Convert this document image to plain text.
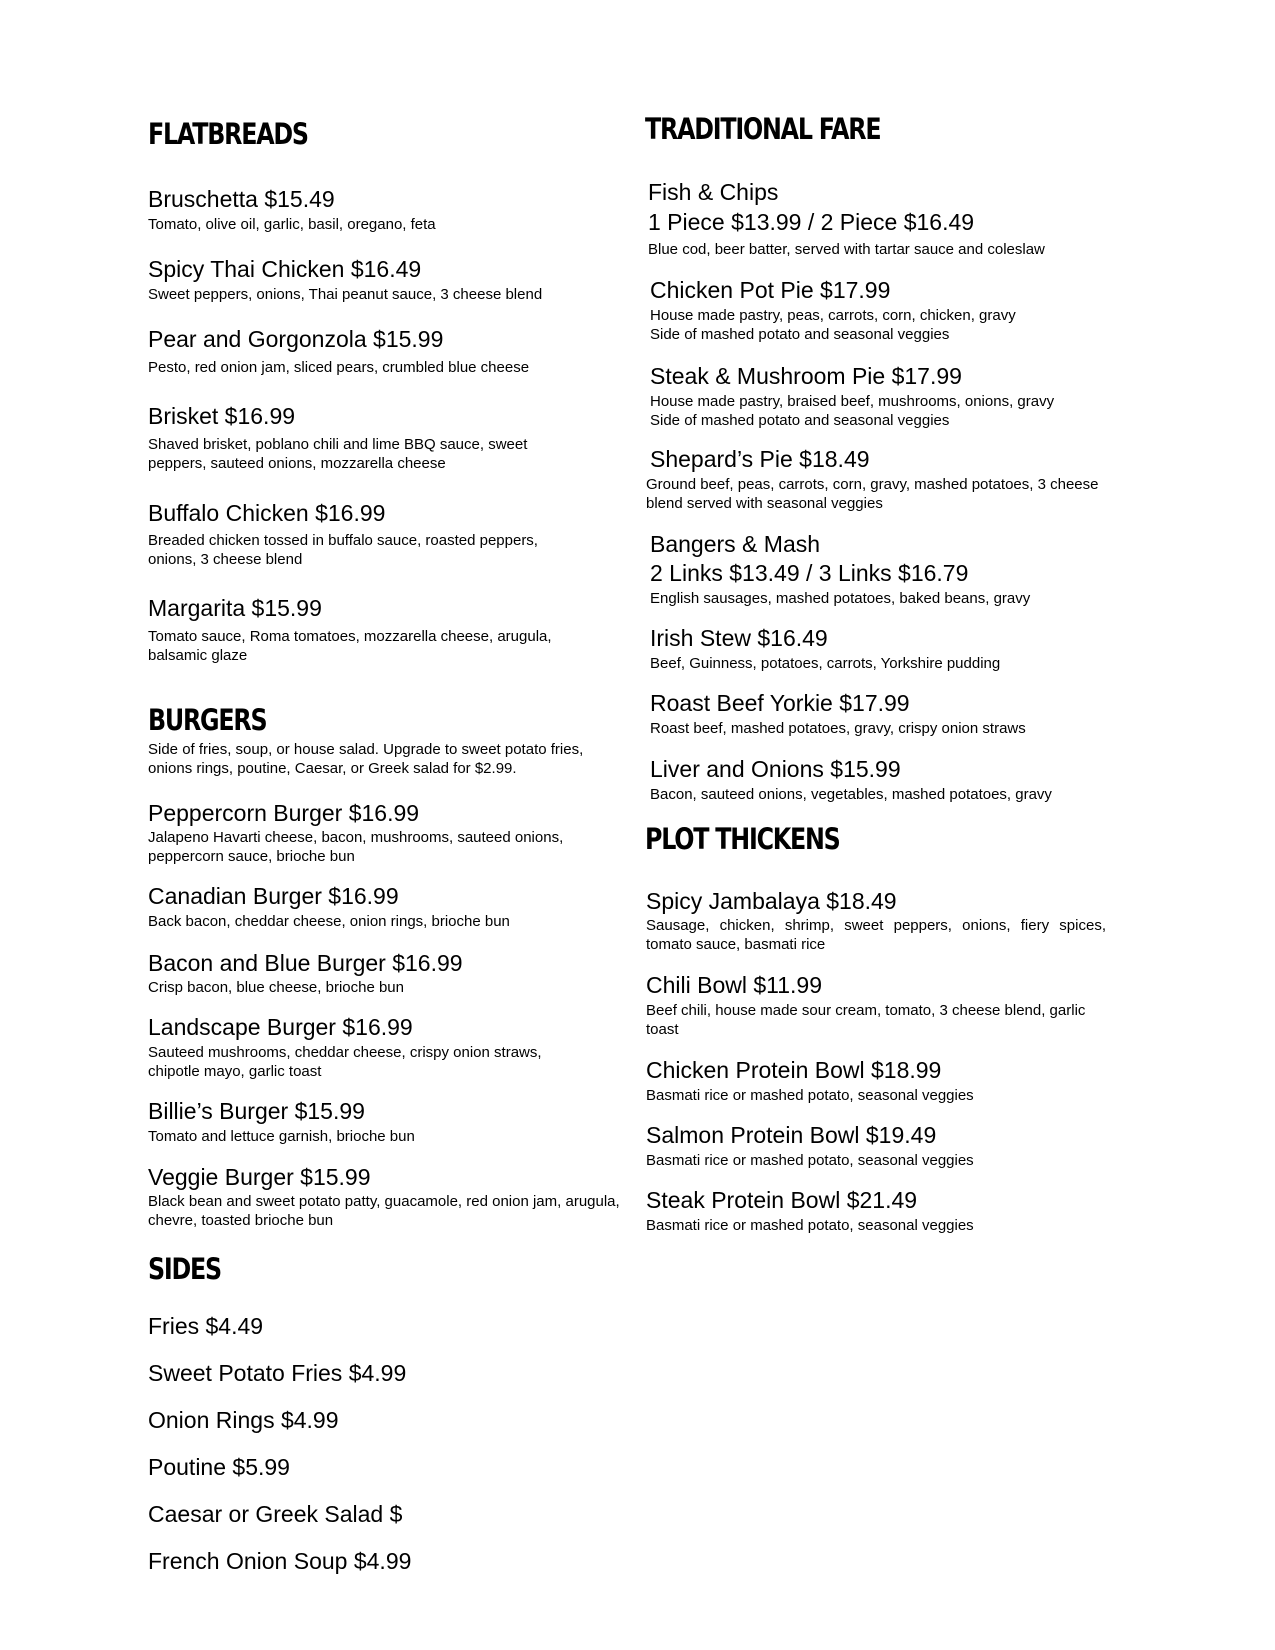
FLATBREADS
Bruschetta $15.49
Tomato, olive oil, garlic, basil, oregano, feta
Spicy Thai Chicken $16.49
Sweet peppers, onions, Thai peanut sauce, 3 cheese blend
Pear and Gorgonzola $15.99
Pesto, red onion jam, sliced pears, crumbled blue cheese
Brisket $16.99
Shaved brisket, poblano chili and lime BBQ sauce, sweet peppers, sauteed onions, mozzarella cheese
Buffalo Chicken $16.99
Breaded chicken tossed in buffalo sauce, roasted peppers, onions, 3 cheese blend
Margarita $15.99
Tomato sauce, Roma tomatoes, mozzarella cheese, arugula, balsamic glaze
BURGERS
Side of fries, soup, or house salad. Upgrade to sweet potato fries, onions rings, poutine, Caesar, or Greek salad for $2.99.
Peppercorn Burger $16.99
Jalapeno Havarti cheese, bacon, mushrooms, sauteed onions, peppercorn sauce, brioche bun
Canadian Burger $16.99
Back bacon, cheddar cheese, onion rings, brioche bun
Bacon and Blue Burger $16.99
Crisp bacon, blue cheese, brioche bun
Landscape Burger $16.99
Sauteed mushrooms, cheddar cheese, crispy onion straws, chipotle mayo, garlic toast
Billie’s Burger $15.99
Tomato and lettuce garnish, brioche bun
Veggie Burger $15.99
Black bean and sweet potato patty, guacamole, red onion jam, arugula, chevre, toasted brioche bun
SIDES
Fries $4.49
Sweet Potato Fries $4.99
Onion Rings $4.99
Poutine $5.99
Caesar or Greek Salad $
French Onion Soup $4.99
TRADITIONAL FARE
Fish & Chips
1 Piece $13.99 / 2 Piece $16.49
Blue cod, beer batter, served with tartar sauce and coleslaw
Chicken Pot Pie $17.99
House made pastry, peas, carrots, corn, chicken, gravy
Side of mashed potato and seasonal veggies
Steak & Mushroom Pie $17.99
House made pastry, braised beef, mushrooms, onions, gravy
Side of mashed potato and seasonal veggies
Shepard’s Pie $18.49
Ground beef, peas, carrots, corn, gravy, mashed potatoes, 3 cheese blend served with seasonal veggies
Bangers & Mash
2 Links $13.49 / 3 Links $16.79
English sausages, mashed potatoes, baked beans, gravy
Irish Stew $16.49
Beef, Guinness, potatoes, carrots, Yorkshire pudding
Roast Beef Yorkie $17.99
Roast beef, mashed potatoes, gravy, crispy onion straws
Liver and Onions $15.99
Bacon, sauteed onions, vegetables, mashed potatoes, gravy
PLOT THICKENS
Spicy Jambalaya $18.49
Sausage, chicken, shrimp, sweet peppers, onions, fiery spices, tomato sauce, basmati rice
Chili Bowl $11.99
Beef chili, house made sour cream, tomato, 3 cheese blend, garlic toast
Chicken Protein Bowl $18.99
Basmati rice or mashed potato, seasonal veggies
Salmon Protein Bowl $19.49
Basmati rice or mashed potato, seasonal veggies
Steak Protein Bowl $21.49
Basmati rice or mashed potato, seasonal veggies
